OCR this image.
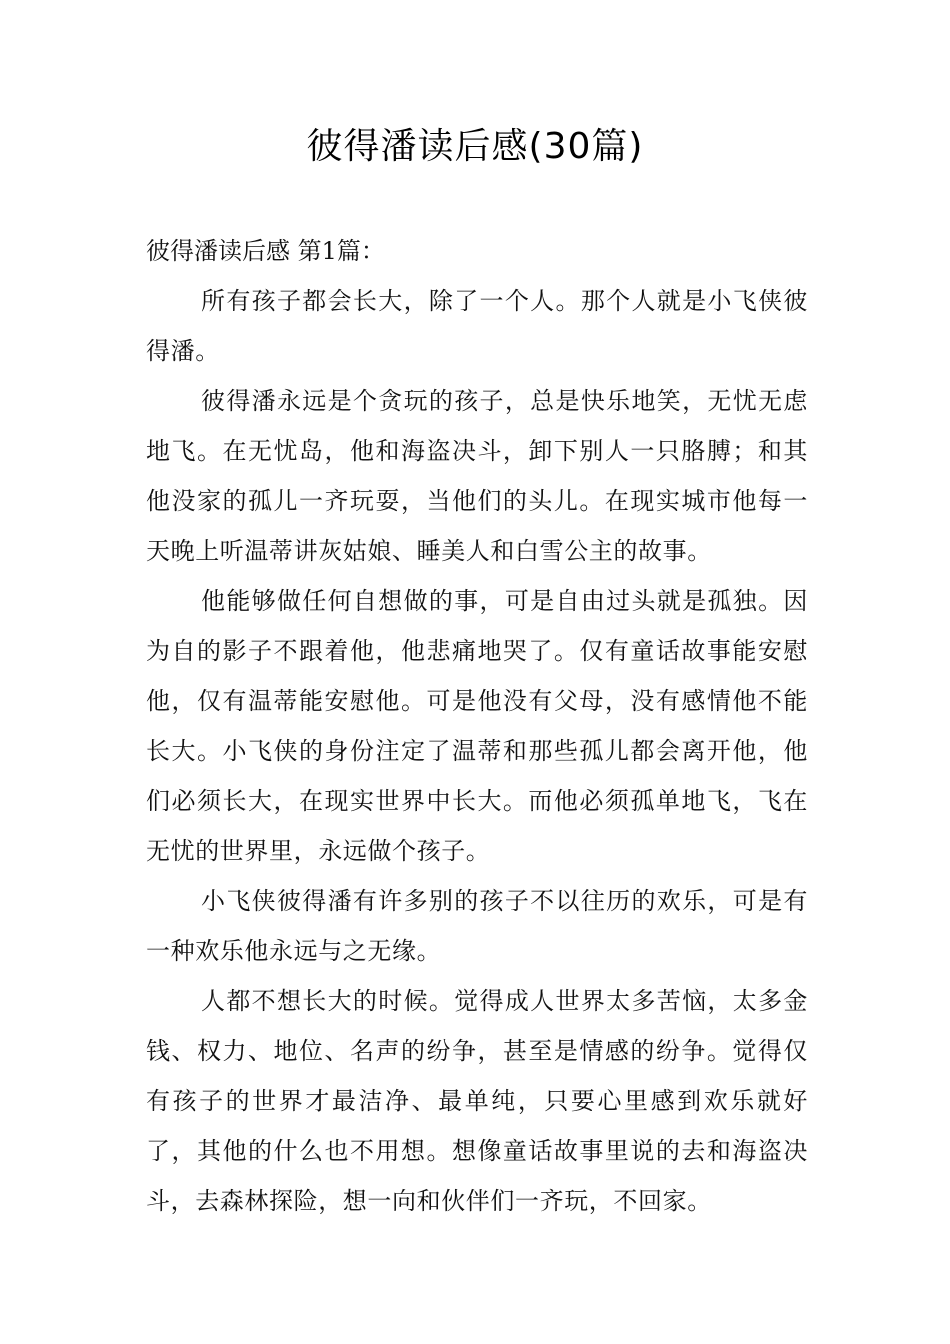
彼得潘读后感(30篇)

彼得潘读后感 第1篇：

所有孩子都会长大，除了一个人。那个人就是小飞侠彼得潘。

彼得潘永远是个贪玩的孩子，总是快乐地笑，无忧无虑地飞。在无忧岛，他和海盗决斗，卸下别人一只胳膊；和其他没家的孤儿一齐玩耍，当他们的头儿。在现实城市他每一天晚上听温蒂讲灰姑娘、睡美人和白雪公主的故事。

他能够做任何自想做的事，可是自由过头就是孤独。因为自的影子不跟着他，他悲痛地哭了。仅有童话故事能安慰他，仅有温蒂能安慰他。可是他没有父母，没有感情他不能长大。小飞侠的身份注定了温蒂和那些孤儿都会离开他，他们必须长大，在现实世界中长大。而他必须孤单地飞，飞在无忧的世界里，永远做个孩子。

小飞侠彼得潘有许多别的孩子不以往历的欢乐，可是有一种欢乐他永远与之无缘。

人都不想长大的时候。觉得成人世界太多苦恼，太多金钱、权力、地位、名声的纷争，甚至是情感的纷争。觉得仅有孩子的世界才最洁净、最单纯，只要心里感到欢乐就好了，其他的什么也不用想。想像童话故事里说的去和海盗决斗，去森林探险，想一向和伙伴们一齐玩，不回家。
